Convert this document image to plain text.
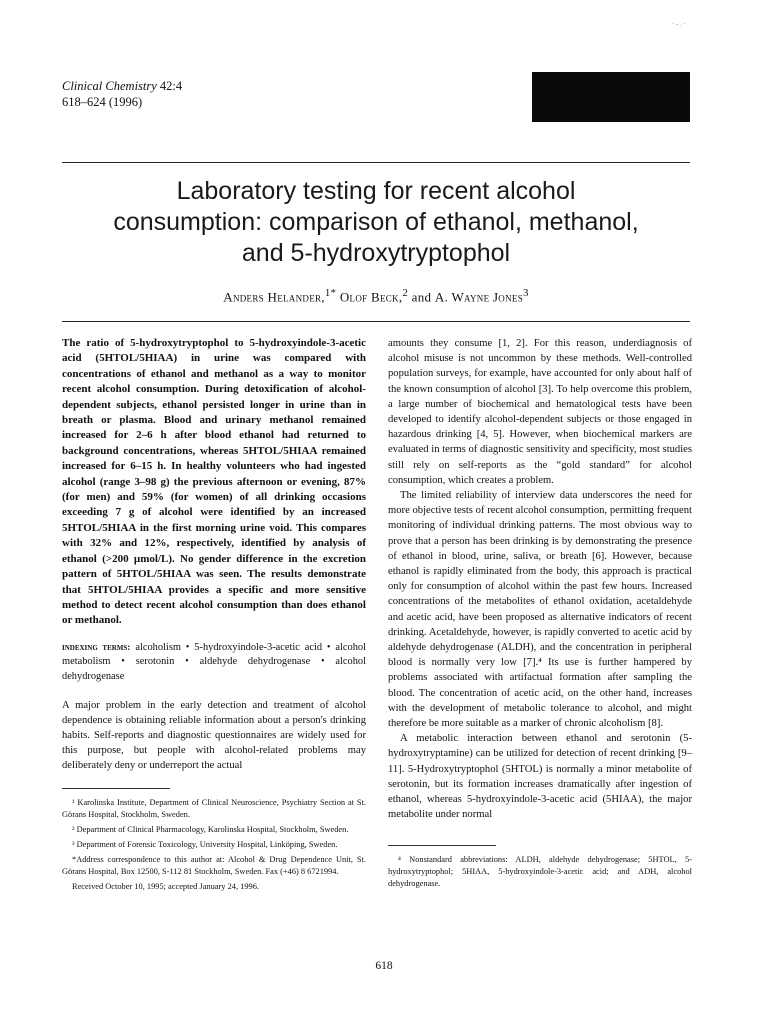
· - . ·
Clinical Chemistry 42:4
618–624 (1996)
Laboratory testing for recent alcohol
consumption: comparison of ethanol, methanol,
and 5-hydroxytryptophol
Anders Helander,$^{1*}$ Olof Beck,$^2$ and A. Wayne Jones$^3$

The ratio of 5-hydroxytryptophol to 5-hydroxyindole-3-acetic acid (5HTOL/5HIAA) in urine was compared with concentrations of ethanol and methanol as a way to monitor recent alcohol consumption. During detoxification of alcohol-dependent subjects, ethanol persisted longer in urine than in breath or plasma. Blood and urinary methanol remained increased for 2–6 h after blood ethanol had returned to background concentrations, whereas 5HTOL/5HIAA remained increased for 6–15 h. In healthy volunteers who had ingested alcohol (range 3–98 g) the previous afternoon or evening, 87% (for men) and 59% (for women) of all drinking occasions exceeding 7 g of alcohol were identified by an increased 5HTOL/5HIAA in the first morning urine void. This compares with 32% and 12%, respectively, identified by analysis of ethanol (>200 µmol/L). No gender difference in the excretion pattern of 5HTOL/5HIAA was seen. The results demonstrate that 5HTOL/5HIAA provides a specific and more sensitive method to detect recent alcohol consumption than does ethanol or methanol.

indexing terms: alcoholism • 5-hydroxyindole-3-acetic acid • alcohol metabolism • serotonin • aldehyde dehydrogenase • alcohol dehydrogenase

A major problem in the early detection and treatment of alcohol dependence is obtaining reliable information about a person's drinking habits. Self-reports and diagnostic questionnaires are widely used for this purpose, but people with alcohol-related problems may deliberately deny or underreport the actual

¹ Karolinska Institute, Department of Clinical Neuroscience, Psychiatry Section at St. Görans Hospital, Stockholm, Sweden.

² Department of Clinical Pharmacology, Karolinska Hospital, Stockholm, Sweden.

³ Department of Forensic Toxicology, University Hospital, Linköping, Sweden.

*Address correspondence to this author at: Alcohol & Drug Dependence Unit, St. Görans Hospital, Box 12500, S-112 81 Stockholm, Sweden. Fax (+46) 8 6721994.

Received October 10, 1995; accepted January 24, 1996.

amounts they consume [1, 2]. For this reason, underdiagnosis of alcohol misuse is not uncommon by these methods. Well-controlled population surveys, for example, have accounted for only about half of the known consumption of alcohol [3]. To help overcome this problem, a large number of biochemical and hematological tests have been developed to identify alcohol-dependent subjects or those engaged in hazardous drinking [4, 5]. However, when biochemical markers are evaluated in terms of diagnostic sensitivity and specificity, most studies still rely on self-reports as the “gold standard” for alcohol consumption, which creates a problem.

The limited reliability of interview data underscores the need for more objective tests of recent alcohol consumption, permitting frequent monitoring of individual drinking patterns. The most obvious way to prove that a person has been drinking is by demonstrating the presence of ethanol in blood, urine, saliva, or breath [6]. However, because ethanol is rapidly eliminated from the body, this approach is practical only for consumption of alcohol within the past few hours. Increased concentrations of the metabolites of ethanol oxidation, acetaldehyde and acetic acid, have been proposed as alternative indicators of recent drinking. Acetaldehyde, however, is rapidly converted to acetic acid by aldehyde dehydrogenase (ALDH), and the concentration in peripheral blood is normally very low [7].⁴ Its use is further hampered by problems associated with artifactual formation after sampling the blood. The concentration of acetic acid, on the other hand, increases with the development of metabolic tolerance to alcohol, and might therefore be more suitable as a marker of chronic alcoholism [8].

A metabolic interaction between ethanol and serotonin (5-hydroxytryptamine) can be utilized for detection of recent drinking [9–11]. 5-Hydroxytryptophol (5HTOL) is normally a minor metabolite of serotonin, but its formation increases dramatically after ingestion of ethanol, whereas 5-hydroxyindole-3-acetic acid (5HIAA), the major metabolite under normal

⁴ Nonstandard abbreviations: ALDH, aldehyde dehydrogenase; 5HTOL, 5-hydroxytryptophol; 5HIAA, 5-hydroxyindole-3-acetic acid; and ADH, alcohol dehydrogenase.

618
